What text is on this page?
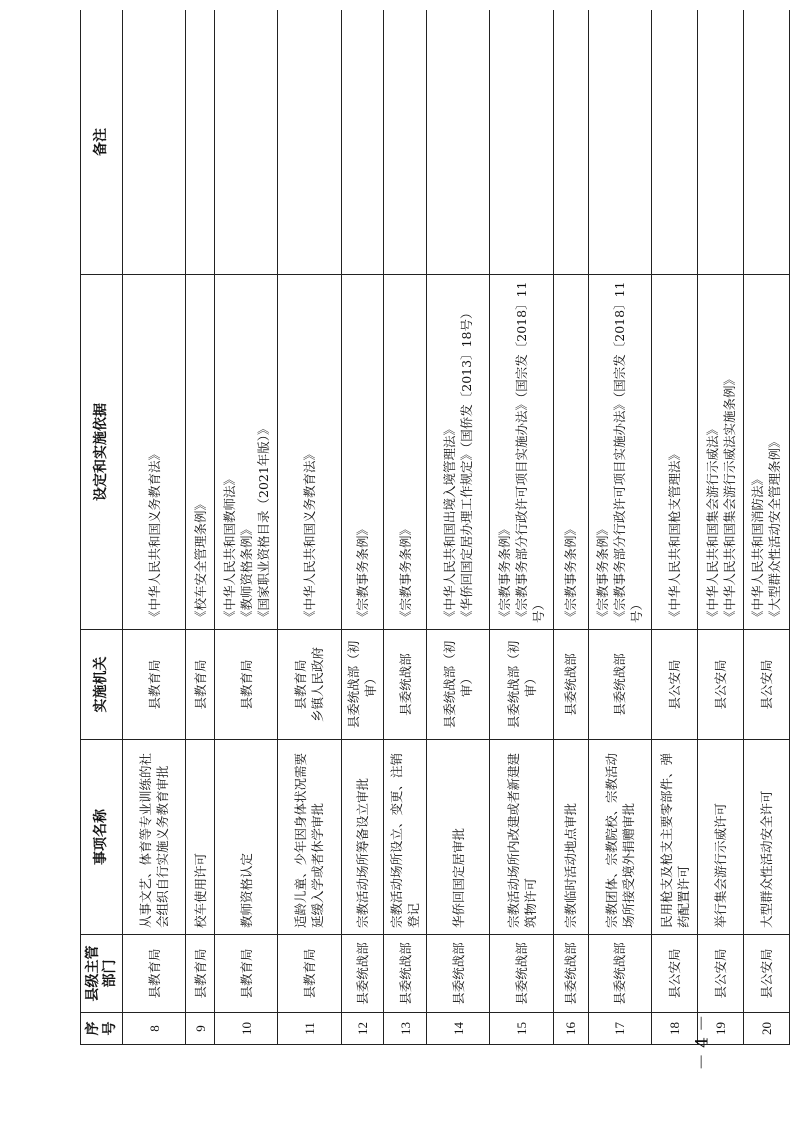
序号	县级主管部门	事项名称	实施机关	设定和实施依据	备注
8	县教育局	从事文艺、体育等专业训练的社会组织自行实施义务教育审批	县教育局	《中华人民共和国义务教育法》	

9	县教育局	校车使用许可	县教育局	《校车安全管理条例》	

10	县教育局	教师资格认定	县教育局	《中华人民共和国教师法》 《教师资格条例》 《国家职业资格目录（2021年版）》	

11	县教育局	适龄儿童、少年因身体状况需要延缓入学或者休学审批	县教育局 乡镇人民政府	《中华人民共和国义务教育法》	

12	县委统战部	宗教活动场所筹备设立审批	县委统战部（初审）	《宗教事务条例》	

13	县委统战部	宗教活动场所设立、变更、注销登记	县委统战部	《宗教事务条例》	

14	县委统战部	华侨回国定居审批	县委统战部（初审）	《中华人民共和国出境入境管理法》 《华侨回国定居办理工作规定》（国侨发〔2013〕18号）	

15	县委统战部	宗教活动场所内改建或者新建建筑物许可	县委统战部（初审）	《宗教事务条例》 《宗教事务部分行政许可项目实施办法》（国宗发〔2018〕11号）	

16	县委统战部	宗教临时活动地点审批	县委统战部	《宗教事务条例》	

17	县委统战部	宗教团体、宗教院校、宗教活动场所接受境外捐赠审批	县委统战部	《宗教事务条例》 《宗教事务部分行政许可项目实施办法》（国宗发〔2018〕11号）	

18	县公安局	民用枪支及枪支主要零部件、弹药配置许可	县公安局	《中华人民共和国枪支管理法》	

19	县公安局	举行集会游行示威许可	县公安局	《中华人民共和国集会游行示威法》 《中华人民共和国集会游行示威法实施条例》	

20	县公安局	大型群众性活动安全许可	县公安局	《中华人民共和国消防法》 《大型群众性活动安全管理条例》	

－ 4 －
